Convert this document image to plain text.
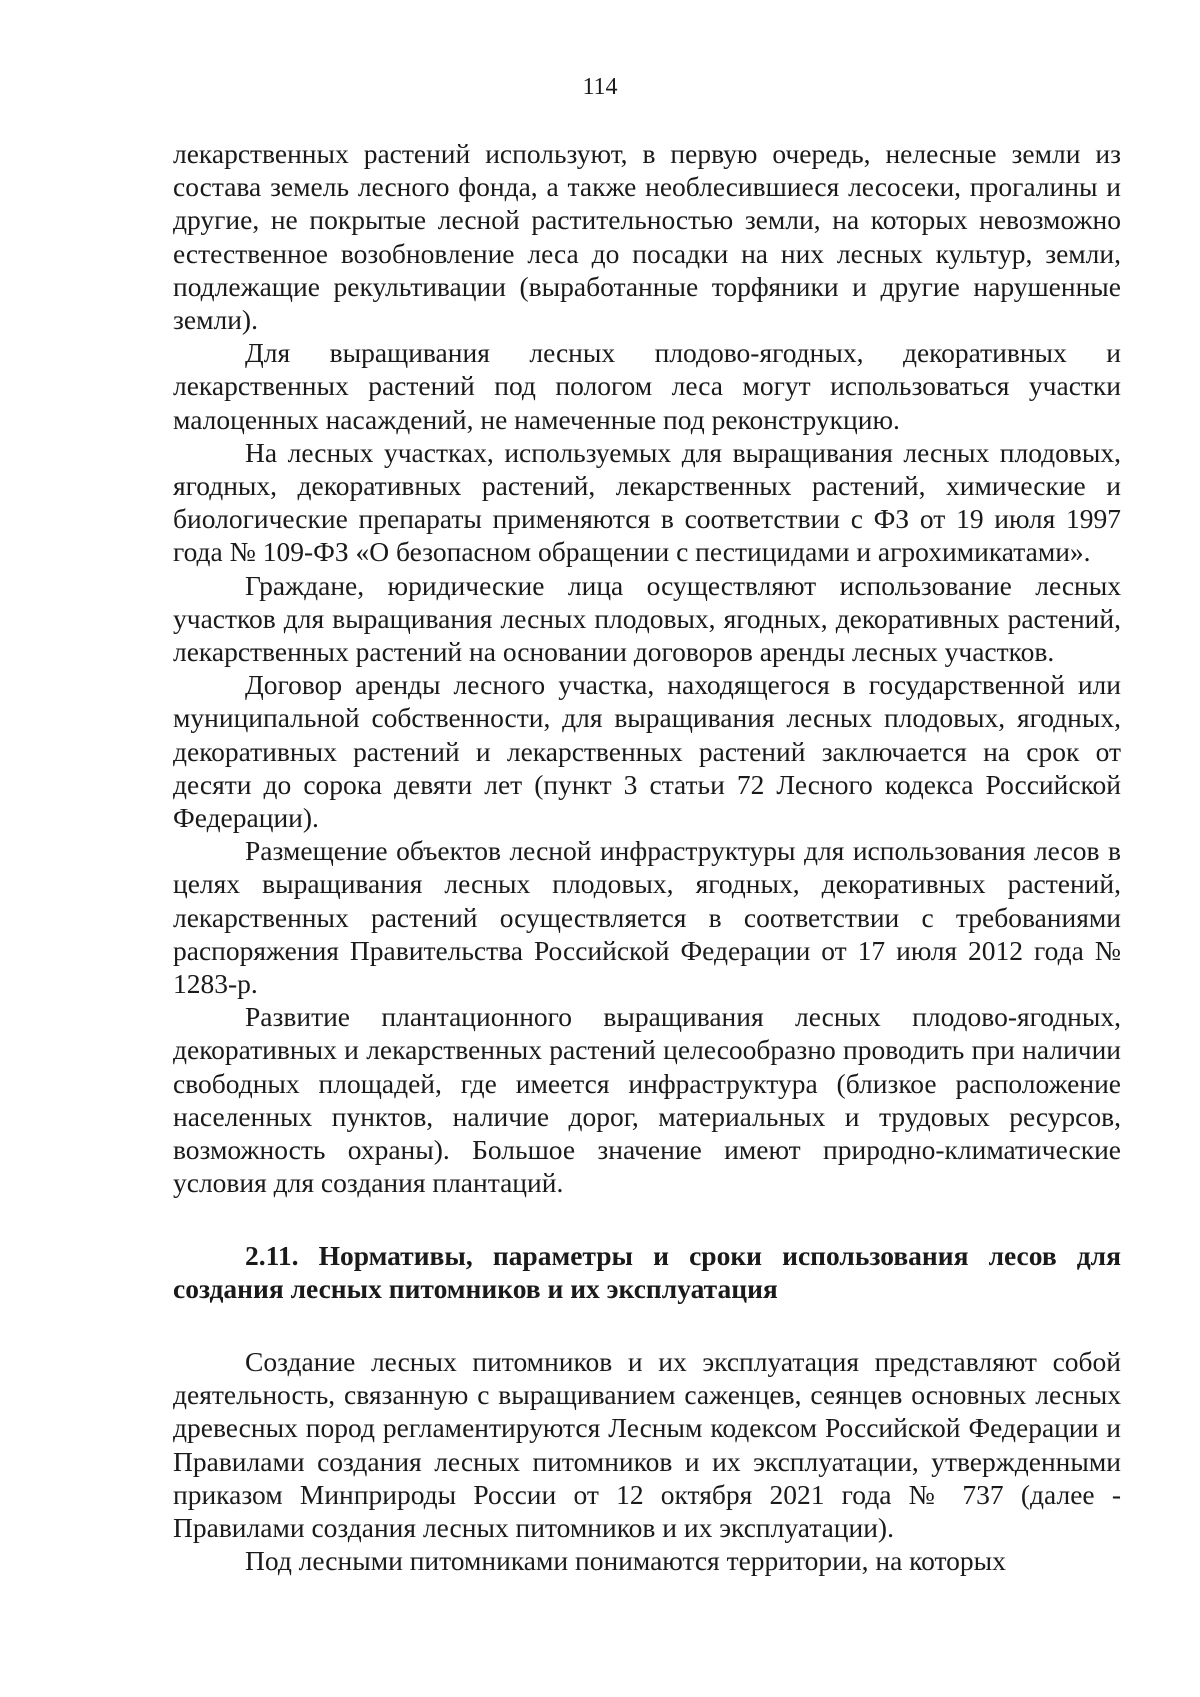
114

лекарственных растений используют, в первую очередь, нелесные земли из состава земель лесного фонда, а также необлесившиеся лесосеки, прогалины и другие, не покрытые лесной растительностью земли, на которых невозможно естественное возобновление леса до посадки на них лесных культур, земли, подлежащие рекультивации (выработанные торфяники и другие нарушенные земли).

Для выращивания лесных плодово-ягодных, декоративных и лекарственных растений под пологом леса могут использоваться участки малоценных насаждений, не намеченные под реконструкцию.

На лесных участках, используемых для выращивания лесных плодовых, ягодных, декоративных растений, лекарственных растений, химические и биологические препараты применяются в соответствии с ФЗ от 19 июля 1997 года № 109-ФЗ «О безопасном обращении с пестицидами и агрохимикатами».

Граждане, юридические лица осуществляют использование лесных участков для выращивания лесных плодовых, ягодных, декоративных растений, лекарственных растений на основании договоров аренды лесных участков.

Договор аренды лесного участка, находящегося в государственной или муниципальной собственности, для выращивания лесных плодовых, ягодных, декоративных растений и лекарственных растений заключается на срок от десяти до сорока девяти лет (пункт 3 статьи 72 Лесного кодекса Российской Федерации).

Размещение объектов лесной инфраструктуры для использования лесов в целях выращивания лесных плодовых, ягодных, декоративных растений, лекарственных растений осуществляется в соответствии с требованиями распоряжения Правительства Российской Федерации от 17 июля 2012 года № 1283-р.

Развитие плантационного выращивания лесных плодово-ягодных, декоративных и лекарственных растений целесообразно проводить при наличии свободных площадей, где имеется инфраструктура (близкое расположение населенных пунктов, наличие дорог, материальных и трудовых ресурсов, возможность охраны). Большое значение имеют природно-климатические условия для создания плантаций.

2.11. Нормативы, параметры и сроки использования лесов для создания лесных питомников и их эксплуатация

Создание лесных питомников и их эксплуатация представляют собой деятельность, связанную с выращиванием саженцев, сеянцев основных лесных древесных пород регламентируются Лесным кодексом Российской Федерации и Правилами создания лесных питомников и их эксплуатации, утвержденными приказом Минприроды России от 12 октября 2021 года № 737 (далее - Правилами создания лесных питомников и их эксплуатации).

Под лесными питомниками понимаются территории, на которых
